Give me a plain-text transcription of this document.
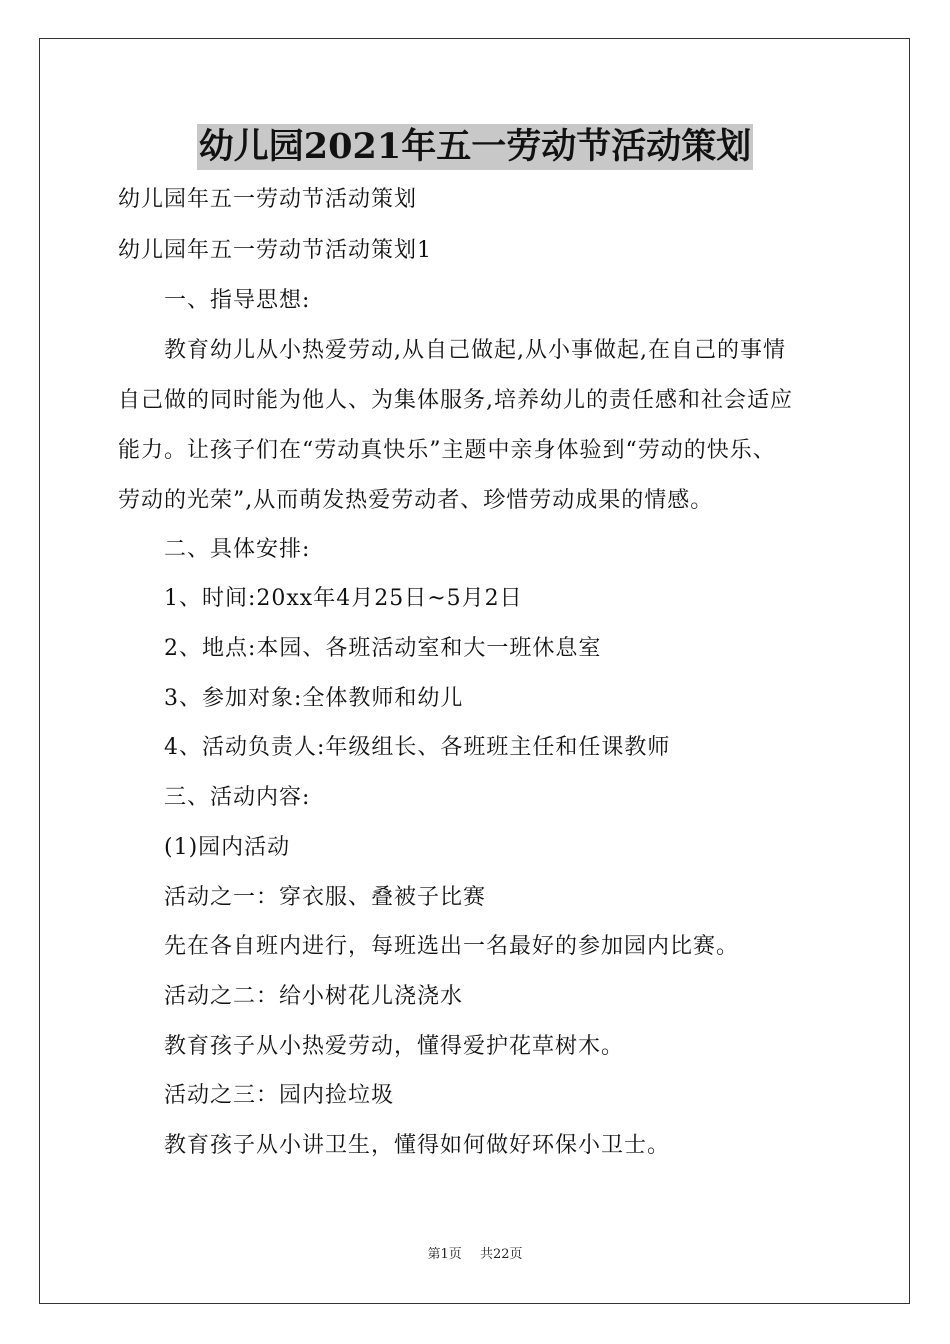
幼儿园2021年五一劳动节活动策划
幼儿园年五一劳动节活动策划
幼儿园年五一劳动节活动策划1
一、指导思想:
教育幼儿从小热爱劳动,从自己做起,从小事做起,在自己的事情
自己做的同时能为他人、为集体服务,培养幼儿的责任感和社会适应
能力。让孩子们在“劳动真快乐”主题中亲身体验到“劳动的快乐、
劳动的光荣”,从而萌发热爱劳动者、珍惜劳动成果的情感。
二、具体安排:
1、时间:20xx年4月25日~5月2日
2、地点:本园、各班活动室和大一班休息室
3、参加对象:全体教师和幼儿
4、活动负责人:年级组长、各班班主任和任课教师
三、活动内容:
(1)园内活动
活动之一：穿衣服、叠被子比赛
先在各自班内进行，每班选出一名最好的参加园内比赛。
活动之二：给小树花儿浇浇水
教育孩子从小热爱劳动，懂得爱护花草树木。
活动之三：园内捡垃圾
教育孩子从小讲卫生，懂得如何做好环保小卫士。
第1页 共22页
